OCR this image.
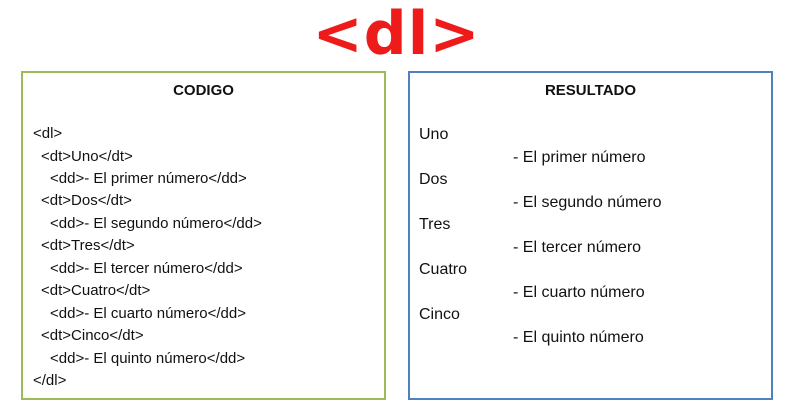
<dl>
CODIGO
<dl>
<dt>Uno</dt>
<dd>- El primer número</dd>
<dt>Dos</dt>
<dd>- El segundo número</dd>
<dt>Tres</dt>
<dd>- El tercer número</dd>
<dt>Cuatro</dt>
<dd>- El cuarto número</dd>
<dt>Cinco</dt>
<dd>- El quinto número</dd>
</dl>
RESULTADO
Uno
- El primer número
Dos
- El segundo número
Tres
- El tercer número
Cuatro
- El cuarto número
Cinco
- El quinto número
